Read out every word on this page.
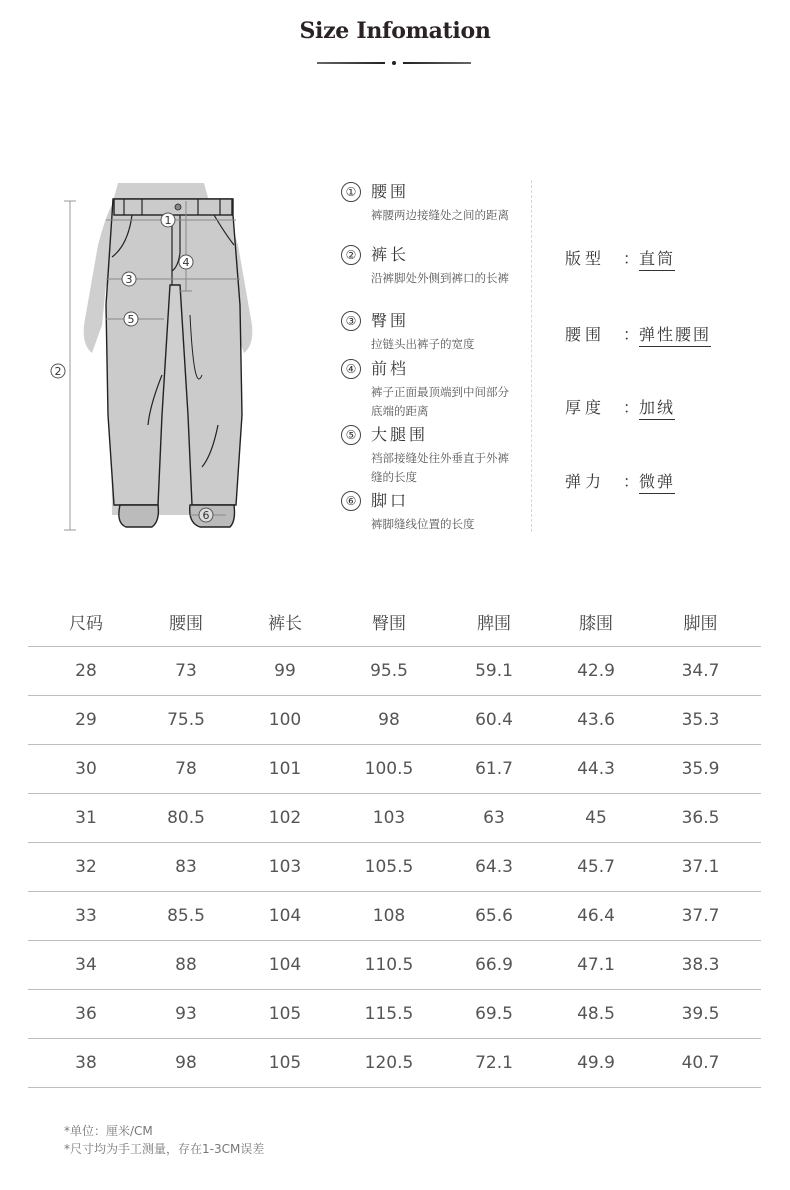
Size Infomation
1
2
3
4
5
6
① 腰围
裤腰两边接缝处之间的距离
② 裤长
沿裤脚处外侧到裤口的长裤
③ 臀围
拉链头出裤子的宽度
④ 前档
裤子正面最顶端到中间部分底端的距离
⑤ 大腿围
裆部接缝处往外垂直于外裤缝的长度
⑥ 脚口
裤脚缝线位置的长度
版型 ：直筒
腰围 ：弹性腰围
厚度 ：加绒
弹力 ：微弹
尺码	腰围	裤长	臀围	脾围	膝围	脚围
28	73	99	95.5	59.1	42.9	34.7
29	75.5	100	98	60.4	43.6	35.3
30	78	101	100.5	61.7	44.3	35.9
31	80.5	102	103	63	45	36.5
32	83	103	105.5	64.3	45.7	37.1
33	85.5	104	108	65.6	46.4	37.7
34	88	104	110.5	66.9	47.1	38.3
36	93	105	115.5	69.5	48.5	39.5
38	98	105	120.5	72.1	49.9	40.7
*单位：厘米/CM
*尺寸均为手工测量，存在1-3CM误差
